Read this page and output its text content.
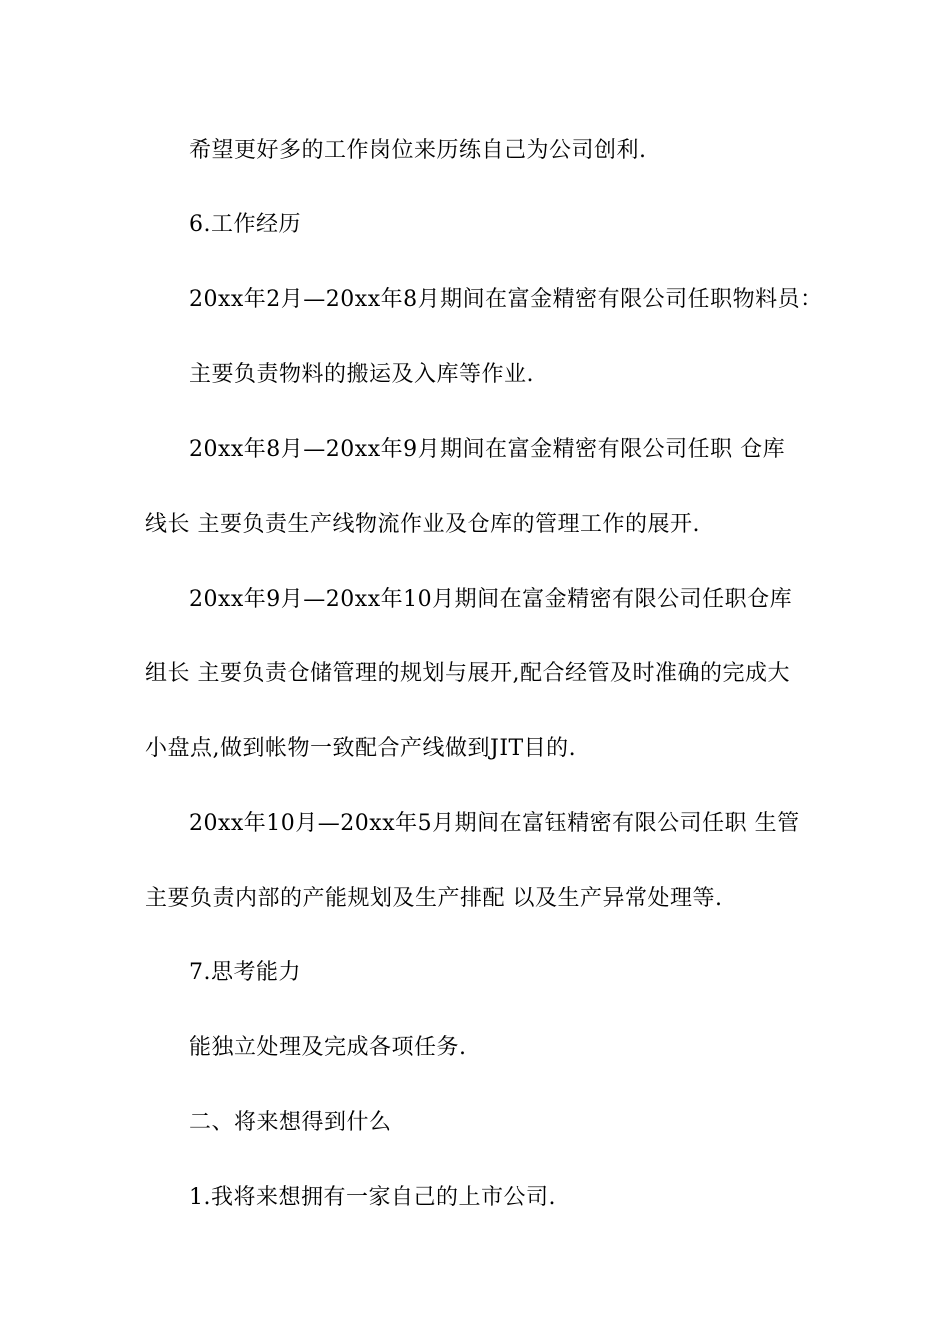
希望更好多的工作岗位来历练自己为公司创利.

6.工作经历

20xx年2月—20xx年8月期间在富金精密有限公司任职物料员：

主要负责物料的搬运及入库等作业.

20xx年8月—20xx年9月期间在富金精密有限公司任职 仓库

线长 主要负责生产线物流作业及仓库的管理工作的展开.

20xx年9月—20xx年10月期间在富金精密有限公司任职仓库

组长 主要负责仓储管理的规划与展开,配合经管及时准确的完成大

小盘点,做到帐物一致配合产线做到JIT目的.

20xx年10月—20xx年5月期间在富钰精密有限公司任职 生管

主要负责内部的产能规划及生产排配 以及生产异常处理等.

7.思考能力

能独立处理及完成各项任务.

二、将来想得到什么

1.我将来想拥有一家自己的上市公司.
